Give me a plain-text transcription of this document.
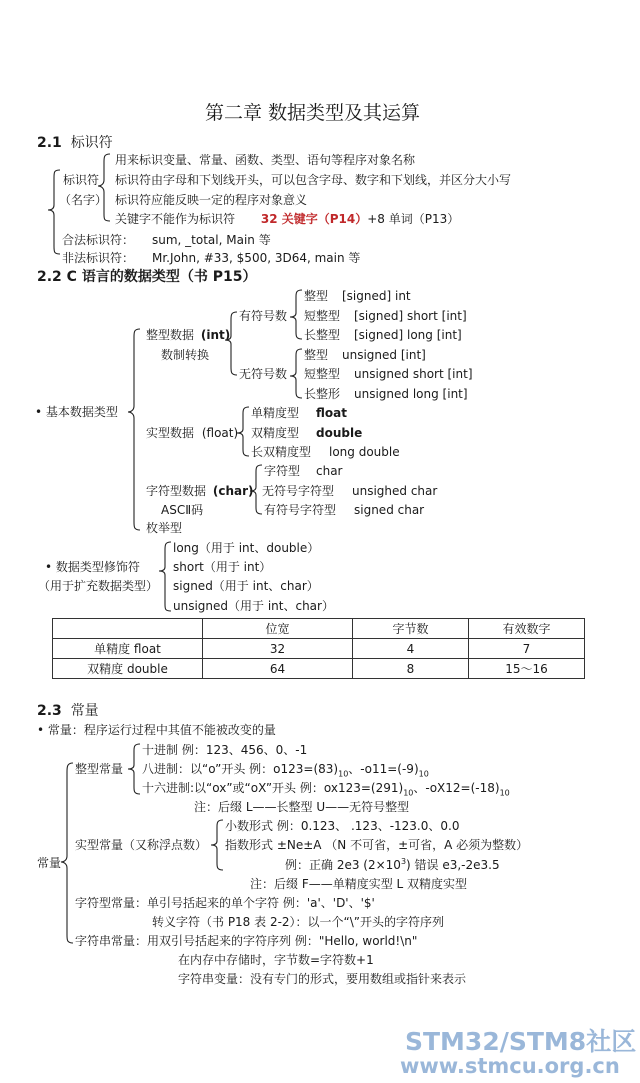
第二章 数据类型及其运算
2.1 标识符
标识符
（名字）
用来标识变量、常量、函数、类型、语句等程序对象名称
标识符由字母和下划线开头，可以包含字母、数字和下划线，并区分大小写
标识符应能反映一定的程序对象意义
关键字不能作为标识符 32 关键字（P14）+8 单词（P13）
合法标识符： sum, _total, Main 等
非法标识符： Mr.John, #33, $500, 3D64, main 等
2.2 C 语言的数据类型（书 P15）
• 基本数据类型
整型数据 (int)
数制转换
有符号数
整型 [signed] int
短整型 [signed] short [int]
长整型 [signed] long [int]
无符号数
整型 unsigned [int]
短整型 unsigned short [int]
长整形 unsigned long [int]
实型数据 (float)
单精度型 float
双精度型 double
长双精度型 long double
字符型数据 (char)
ASCⅡ码
字符型 char
无符号字符型 unsighed char
有符号字符型 signed char
枚举型
• 数据类型修饰符
（用于扩充数据类型）
long（用于 int、double）
short（用于 int）
signed（用于 int、char）
unsigned（用于 int、char）
	位宽	字节数	有效数字
单精度 float	32	4	7
双精度 double	64	8	15～16
2.3 常量
• 常量：程序运行过程中其值不能被改变的量
常量
整型常量
十进制 例：123、456、0、-1
八进制：以“o”开头 例：$o123=(83)_{10}$、$-o11=(-9)_{10}$
十六进制:以“ox”或“oX”开头 例：$ox123=(291)_{10}$、$-oX12=(-18)_{10}$
注：后缀 L——长整型 U——无符号整型
实型常量（又称浮点数）
小数形式 例：0.123、 .123、-123.0、0.0
指数形式 ±Ne±A （N 不可省，±可省，A 必须为整数）
例：正确 2e3 $(2\times 10^3)$ 错误 e3,-2e3.5
注：后缀 F——单精度实型 L 双精度实型
字符型常量：单引号括起来的单个字符 例：'a'、'D'、'$'
转义字符（书 P18 表 2-2）：以一个“\”开头的字符序列
字符串常量：用双引号括起来的字符序列 例："Hello, world!\n"
在内存中存储时，字节数=字符数+1
字符串变量：没有专门的形式，要用数组或指针来表示
STM32/STM8社区
www.stmcu.org.cn
